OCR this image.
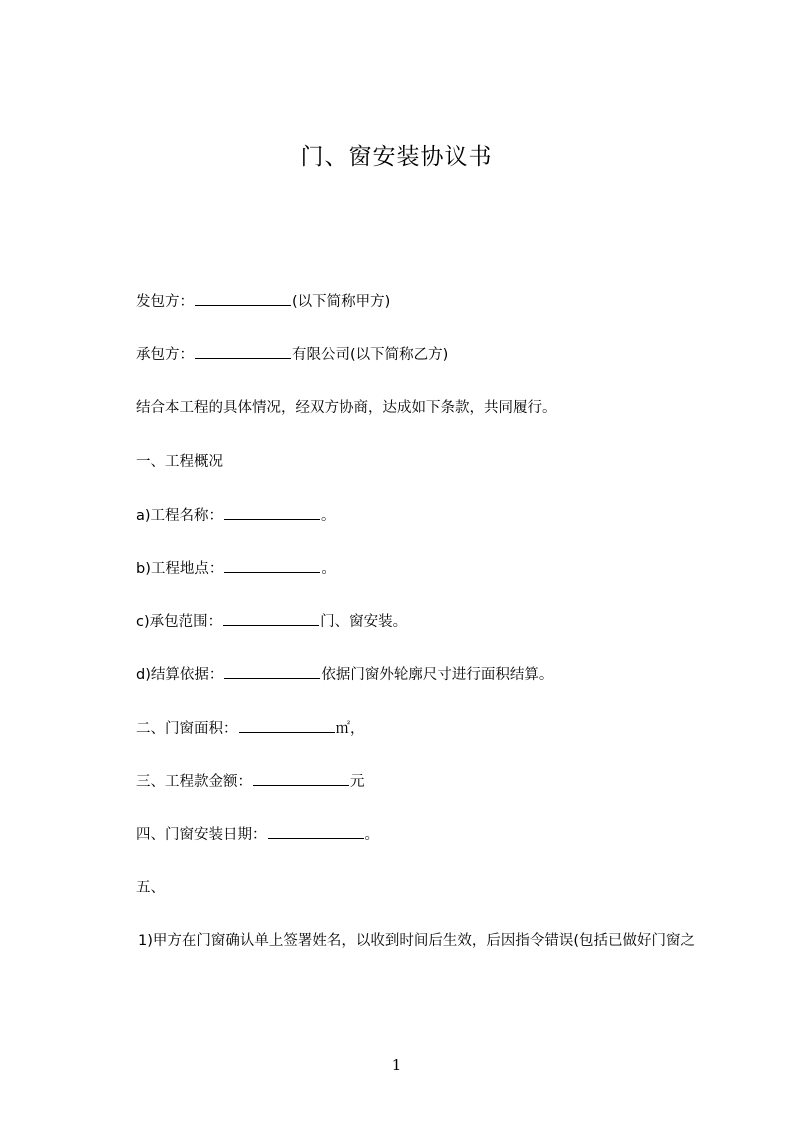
门、窗安装协议书
发包方：	(以下简称甲方)
承包方：	有限公司(以下简称乙方)
结合本工程的具体情况，经双方协商，达成如下条款，共同履行。
一、工程概况
a)工程名称：	。
b)工程地点：	。
c)承包范围：	门、窗安装。
d)结算依据：	依据门窗外轮廓尺寸进行面积结算。
二、门窗面积：	㎡，
三、工程款金额：	元
四、门窗安装日期：	。
五、
1)甲方在门窗确认单上签署姓名，以收到时间后生效，后因指令错误(包括已做好门窗之
1
